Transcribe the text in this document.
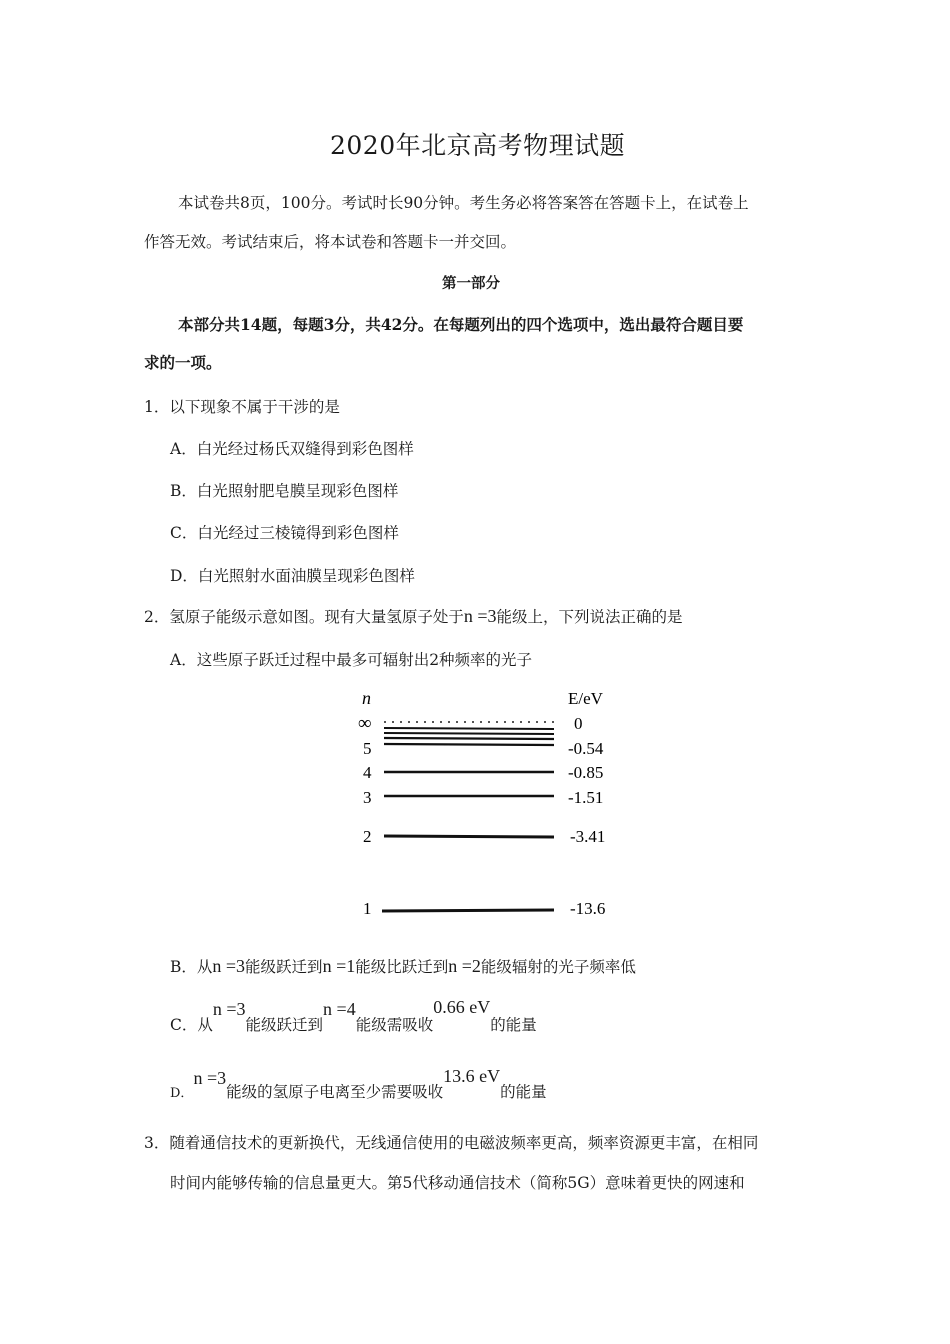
2020年北京高考物理试题
本试卷共8页，100分。考试时长90分钟。考生务必将答案答在答题卡上，在试卷上
作答无效。考试结束后，将本试卷和答题卡一并交回。
第一部分
本部分共14题，每题3分，共42分。在每题列出的四个选项中，选出最符合题目要
求的一项。
1．以下现象不属于干涉的是
A．白光经过杨氏双缝得到彩色图样
B．白光照射肥皂膜呈现彩色图样
C．白光经过三棱镜得到彩色图样
D．白光照射水面油膜呈现彩色图样
2．氢原子能级示意如图。现有大量氢原子处于n =3能级上，下列说法正确的是
A．这些原子跃迁过程中最多可辐射出2种频率的光子
n	E/eV
∞
5
4
3
2
1
0
-0.54
-0.85
-1.51
-3.41
-13.6
B．从n =3能级跃迁到n =1能级比跃迁到n =2能级辐射的光子频率低
C．从n =3能级跃迁到n =4能级需吸收0.66 eV的能量
$_{D.}$n =3能级的氢原子电离至少需要吸收13.6 eV的能量
3．随着通信技术的更新换代，无线通信使用的电磁波频率更高，频率资源更丰富，在相同
时间内能够传输的信息量更大。第5代移动通信技术（简称5G）意味着更快的网速和
